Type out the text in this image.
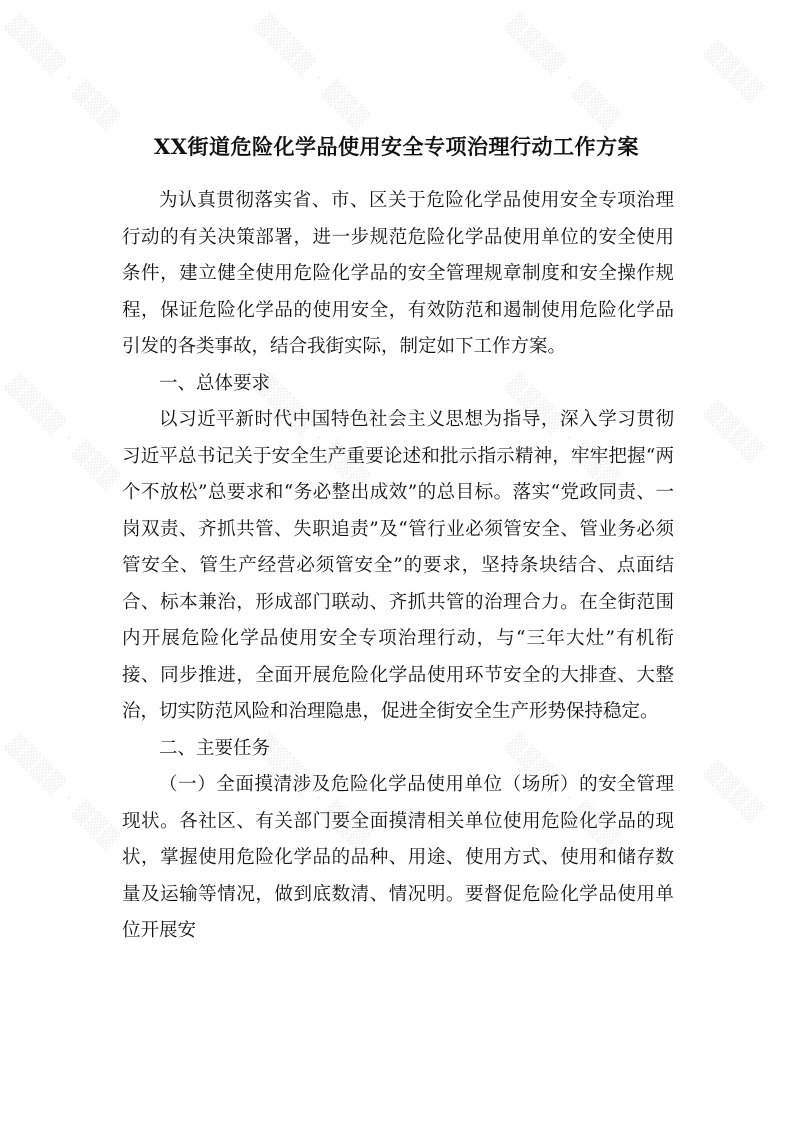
▒▒▒▒ · ▒▒▒	▒▒▒▒ · ▒▒▒	▒▒▒▒ · ▒▒▒	▒▒▒▒
▒▒▒▒ · ▒▒▒	▒▒▒▒ · ▒▒▒	▒▒▒▒ · ▒▒▒	▒▒▒▒
▒▒▒▒ · ▒▒▒	▒▒▒▒ · ▒▒▒	▒▒▒▒ · ▒▒▒	▒▒▒▒
XX街道危险化学品使用安全专项治理行动工作方案

为认真贯彻落实省、市、区关于危险化学品使用安全专项治理行动的有关决策部署，进一步规范危险化学品使用单位的安全使用条件，建立健全使用危险化学品的安全管理规章制度和安全操作规程，保证危险化学品的使用安全，有效防范和遏制使用危险化学品引发的各类事故，结合我街实际，制定如下工作方案。

一、总体要求

以习近平新时代中国特色社会主义思想为指导，深入学习贯彻习近平总书记关于安全生产重要论述和批示指示精神，牢牢把握“两个不放松”总要求和“务必整出成效”的总目标。落实“党政同责、一岗双责、齐抓共管、失职追责”及“管行业必须管安全、管业务必须管安全、管生产经营必须管安全”的要求，坚持条块结合、点面结合、标本兼治，形成部门联动、齐抓共管的治理合力。在全街范围内开展危险化学品使用安全专项治理行动，与“三年大灶”有机衔接、同步推进，全面开展危险化学品使用环节安全的大排查、大整治，切实防范风险和治理隐患，促进全街安全生产形势保持稳定。

二、主要任务

（一）全面摸清涉及危险化学品使用单位（场所）的安全管理现状。各社区、有关部门要全面摸清相关单位使用危险化学品的现状，掌握使用危险化学品的品种、用途、使用方式、使用和储存数量及运输等情况，做到底数清、情况明。要督促危险化学品使用单位开展安
